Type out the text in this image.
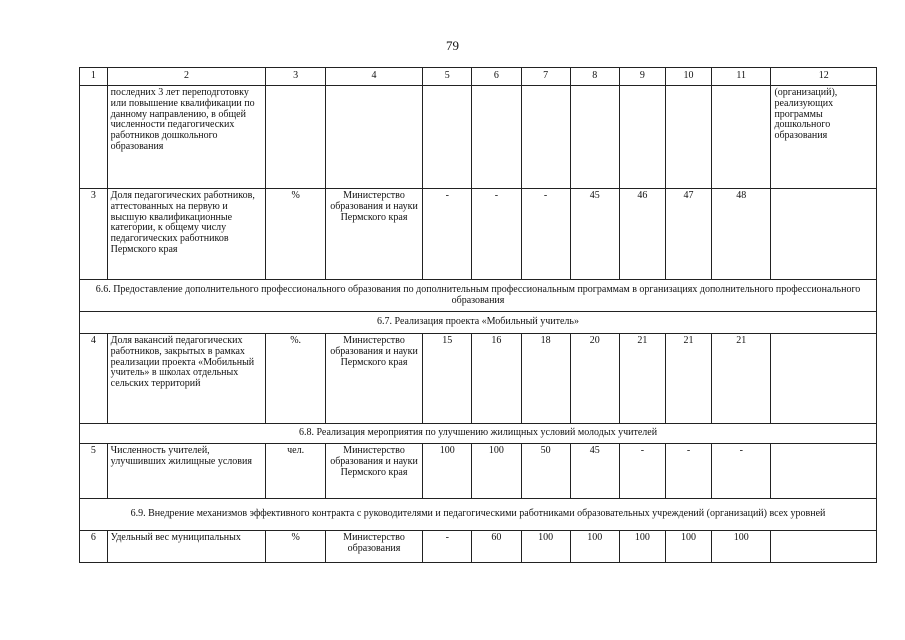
79
1	2	3	4	5	6	7	8	9	10	11	12
	последних 3 лет переподготовку или повышение квалификации по данному направлению, в общей численности педагогических работников дошкольного образования										(организаций), реализующих программы дошкольного образования
3	Доля педагогических работников, аттестованных на первую и высшую квалификационные категории, к общему числу педагогических работников Пермского края	%	Министерство образования и науки Пермского края	-	-	-	45	46	47	48	
6.6. Предоставление дополнительного профессионального образования по дополнительным профессиональным программам в организациях дополнительного профессионального образования											
6.7. Реализация проекта «Мобильный учитель»											
4	Доля вакансий педагогических работников, закрытых в рамках реализации проекта «Мобильный учитель» в школах отдельных сельских территорий	%.	Министерство образования и науки Пермского края	15	16	18	20	21	21	21	
6.8. Реализация мероприятия по улучшению жилищных условий молодых учителей											
5	Численность учителей, улучшивших жилищные условия	чел.	Министерство образования и науки Пермского края	100	100	50	45	-	-	-	
6.9. Внедрение механизмов эффективного контракта с руководителями и педагогическими работниками образовательных учреждений (организаций) всех уровней											
6	Удельный вес муниципальных	%	Министерство образования	-	60	100	100	100	100	100	
